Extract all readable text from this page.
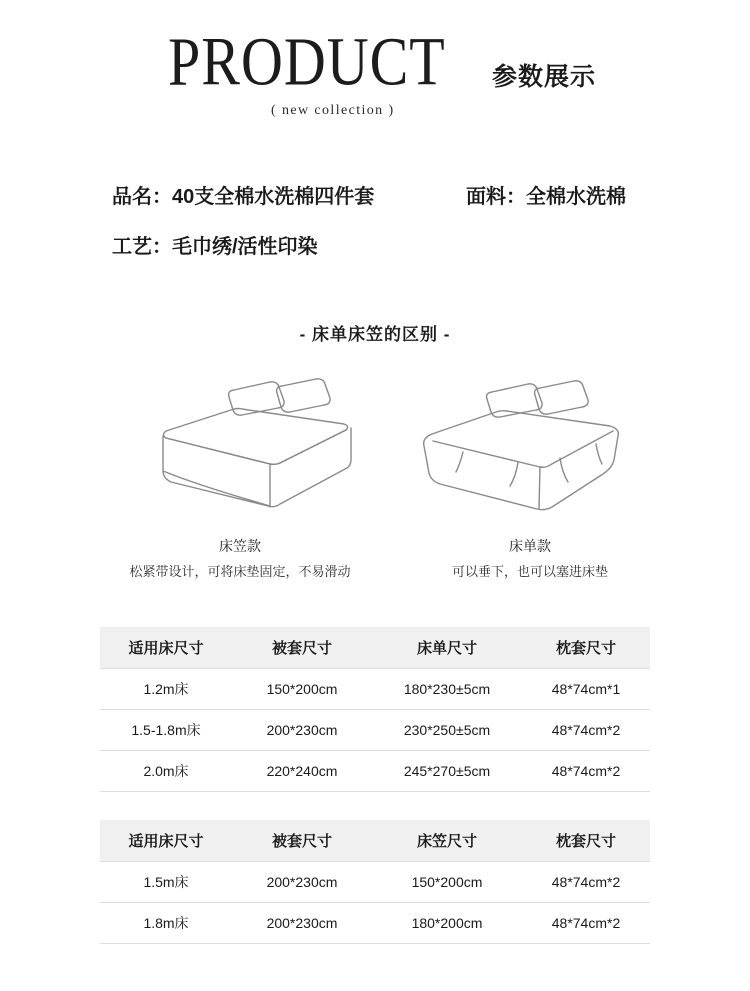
PRODUCT
( new collection )
参数展示
品名：40支全棉水洗棉四件套	面料：全棉水洗棉
工艺：毛巾绣/活性印染
- 床单床笠的区别 -
床笠款	床单款
松紧带设计，可将床垫固定，不易滑动	可以垂下，也可以塞进床垫
适用床尺寸	被套尺寸	床单尺寸	枕套尺寸
1.2m床	150*200cm	180*230±5cm	48*74cm*1
1.5-1.8m床	200*230cm	230*250±5cm	48*74cm*2
2.0m床	220*240cm	245*270±5cm	48*74cm*2
适用床尺寸	被套尺寸	床笠尺寸	枕套尺寸
1.5m床	200*230cm	150*200cm	48*74cm*2
1.8m床	200*230cm	180*200cm	48*74cm*2
